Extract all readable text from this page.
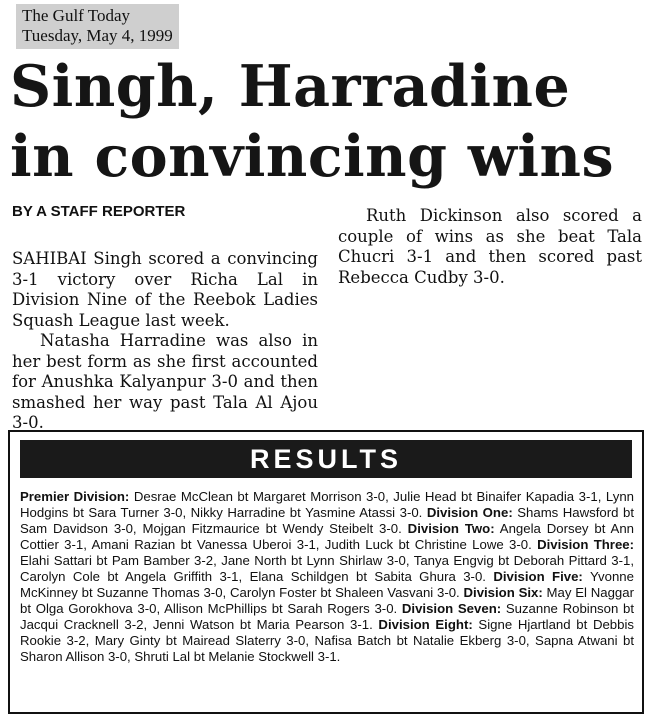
The Gulf Today
Tuesday, May 4, 1999
Singh, Harradine
in convincing wins
BY A STAFF REPORTER

SAHIBAI Singh scored a convincing 3-1 victory over Richa Lal in Division Nine of the Reebok Ladies Squash League last week.

Natasha Harradine was also in her best form as she first accounted for Anushka Kalyanpur 3-0 and then smashed her way past Tala Al Ajou 3-0.

Ruth Dickinson also scored a couple of wins as she beat Tala Chucri 3-1 and then scored past Rebecca Cudby 3-0.

RESULTS
Premier Division: Desrae McClean bt Margaret Morrison 3-0, Julie Head bt Binaifer Kapadia 3-1, Lynn Hodgins bt Sara Turner 3-0, Nikky Harradine bt Yasmine Atassi 3-0. Division One: Shams Hawsford bt Sam Davidson 3-0, Mojgan Fitzmaurice bt Wendy Steibelt 3-0. Division Two: Angela Dorsey bt Ann Cottier 3-1, Amani Razian bt Vanessa Uberoi 3-1, Judith Luck bt Christine Lowe 3-0. Division Three: Elahi Sattari bt Pam Bamber 3-2, Jane North bt Lynn Shirlaw 3-0, Tanya Engvig bt Deborah Pittard 3-1, Carolyn Cole bt Angela Griffith 3-1, Elana Schildgen bt Sabita Ghura 3-0. Division Five: Yvonne McKinney bt Suzanne Thomas 3-0, Carolyn Foster bt Shaleen Vasvani 3-0. Division Six: May El Naggar bt Olga Gorokhova 3-0, Allison McPhillips bt Sarah Rogers 3-0. Division Seven: Suzanne Robinson bt Jacqui Cracknell 3-2, Jenni Watson bt Maria Pearson 3-1. Division Eight: Signe Hjartland bt Debbis Rookie 3-2, Mary Ginty bt Mairead Slaterry 3-0, Nafisa Batch bt Natalie Ekberg 3-0, Sapna Atwani bt Sharon Allison 3-0, Shruti Lal bt Melanie Stockwell 3-1.
